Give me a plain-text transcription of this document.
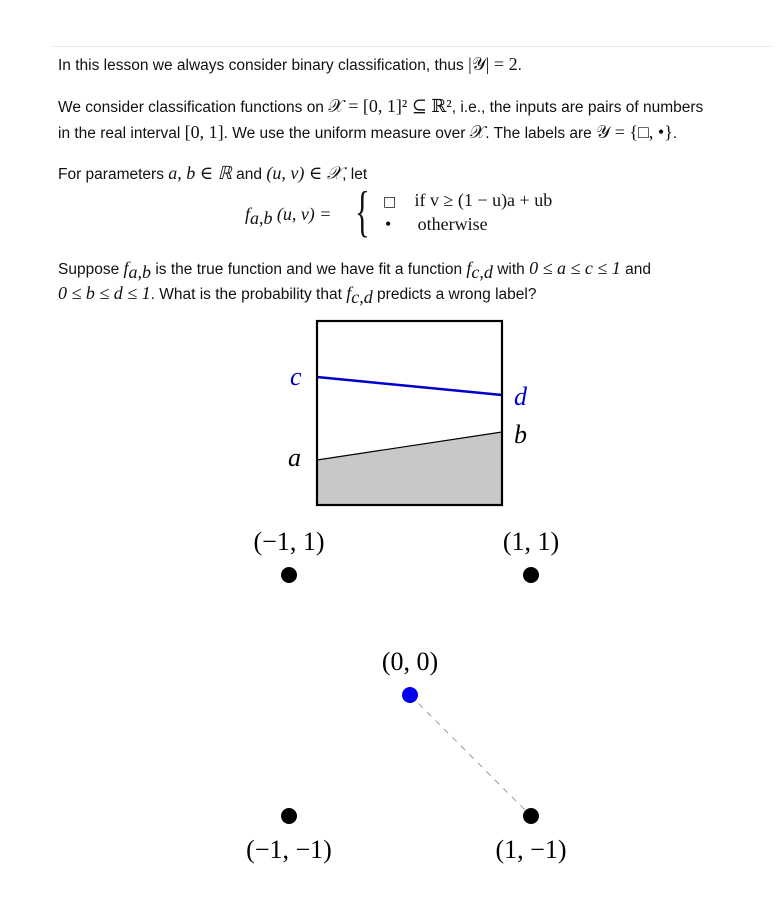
In this lesson we always consider binary classification, thus |𝒴| = 2.
We consider classification functions on 𝒳 = [0, 1]² ⊆ ℝ², i.e., the inputs are pairs of numbers
in the real interval [0, 1]. We use the uniform measure over 𝒳. The labels are 𝒴 = {□, •}.
For parameters a, b ∈ ℝ and (u, v) ∈ 𝒳, let
$f_{a,b}$ (u, v) = { □ if v ≥ (1 − u)a + ub
• otherwise
Suppose $f_{a,b}$ is the true function and we have fit a function $f_{c,d}$ with 0 ≤ a ≤ c ≤ 1 and
0 ≤ b ≤ d ≤ 1. What is the probability that $f_{c,d}$ predicts a wrong label?
c
d
a
b
(−1, 1)	(1, 1)
(0, 0)
(−1, −1)	(1, −1)
